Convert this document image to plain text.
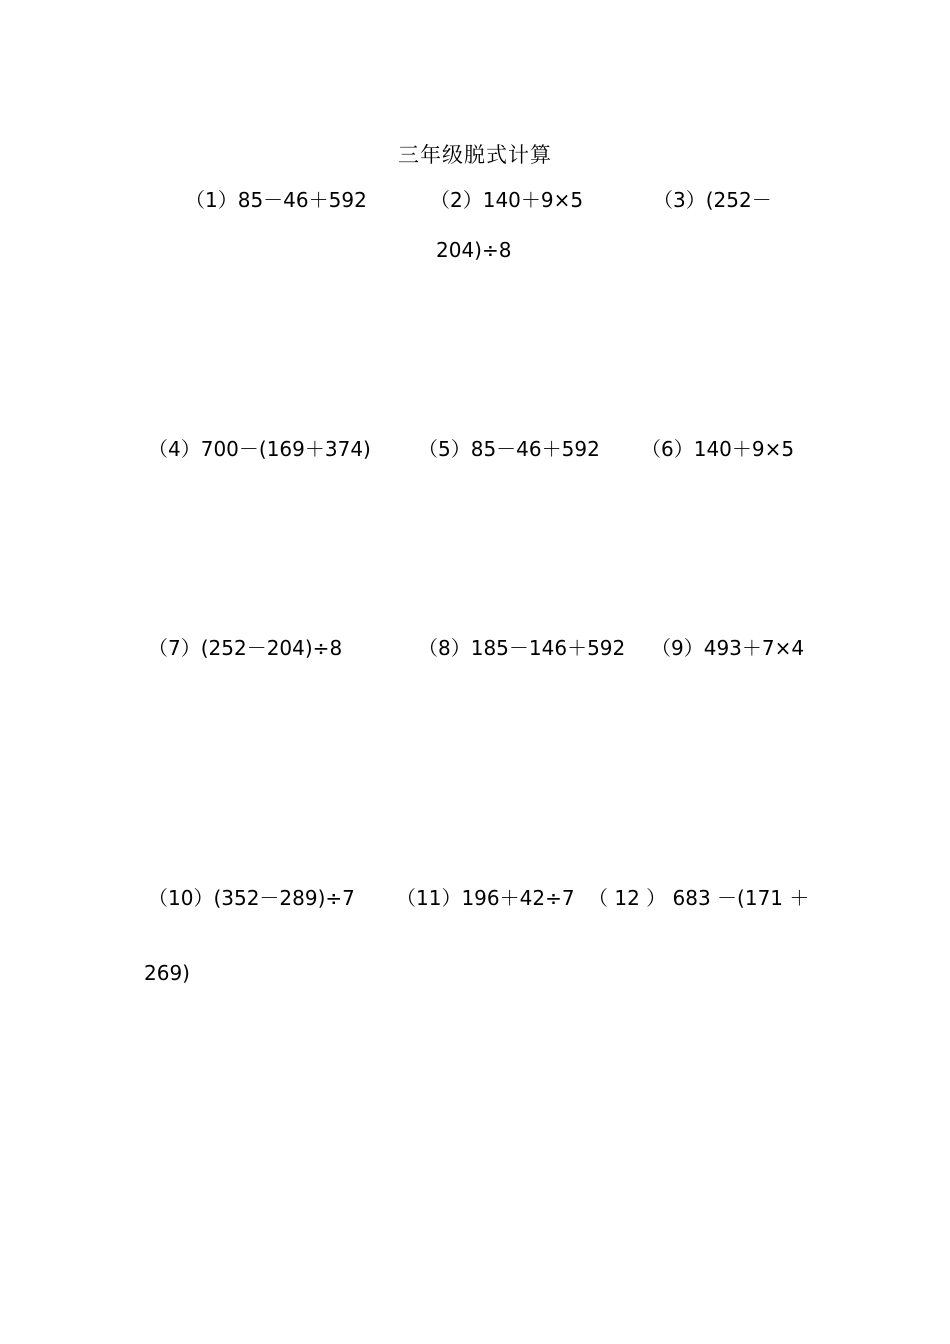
三年级脱式计算
（1）85－46＋592	（2）140＋9×5	（3）(252－
204)÷8
（4）700－(169＋374) （5）85－46＋592 （6）140＋9×5
（7）(252－204)÷8	（8）185－146＋592 （9）493＋7×4
（10）(352－289)÷7 （11）196＋42÷7 （ 12 ） 683 －(171 ＋
269)
